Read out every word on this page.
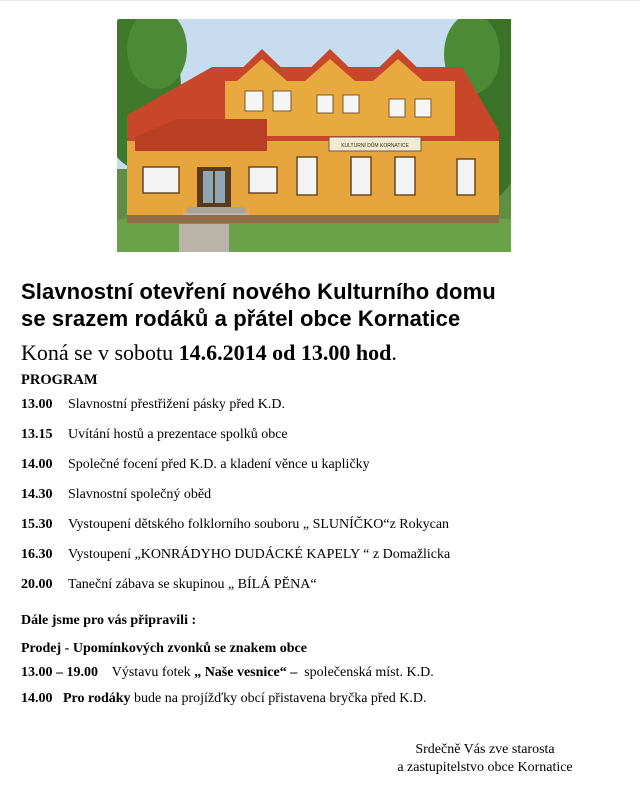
KULTURNÍ DŮM KORNATICE
Slavnostní otevření nového Kulturního domu
se srazem rodáků a přátel obce Kornatice
Koná se v sobotu 14.6.2014 od 13.00 hod.
PROGRAM
13.00 Slavnostní přestřižení pásky před K.D.
13.15 Uvítání hostů a prezentace spolků obce
14.00 Společné focení před K.D. a kladení věnce u kapličky
14.30 Slavnostní společný oběd
15.30 Vystoupení dětského folklorního souboru „ SLUNÍČKO“z Rokycan
16.30 Vystoupení „KONRÁDYHO DUDÁCKÉ KAPELY “ z Domažlicka
20.00 Taneční zábava se skupinou „ BÍLÁ PĚNA“
Dále jsme pro vás připravili :
Prodej - Upomínkových zvonků se znakem obce
13.00 – 19.00 Výstavu fotek „ Naše vesnice“ – společenská míst. K.D.
14.00 Pro rodáky bude na projížďky obcí přistavena bryčka před K.D.
Srdečně Vás zve starosta
a zastupitelstvo obce Kornatice
